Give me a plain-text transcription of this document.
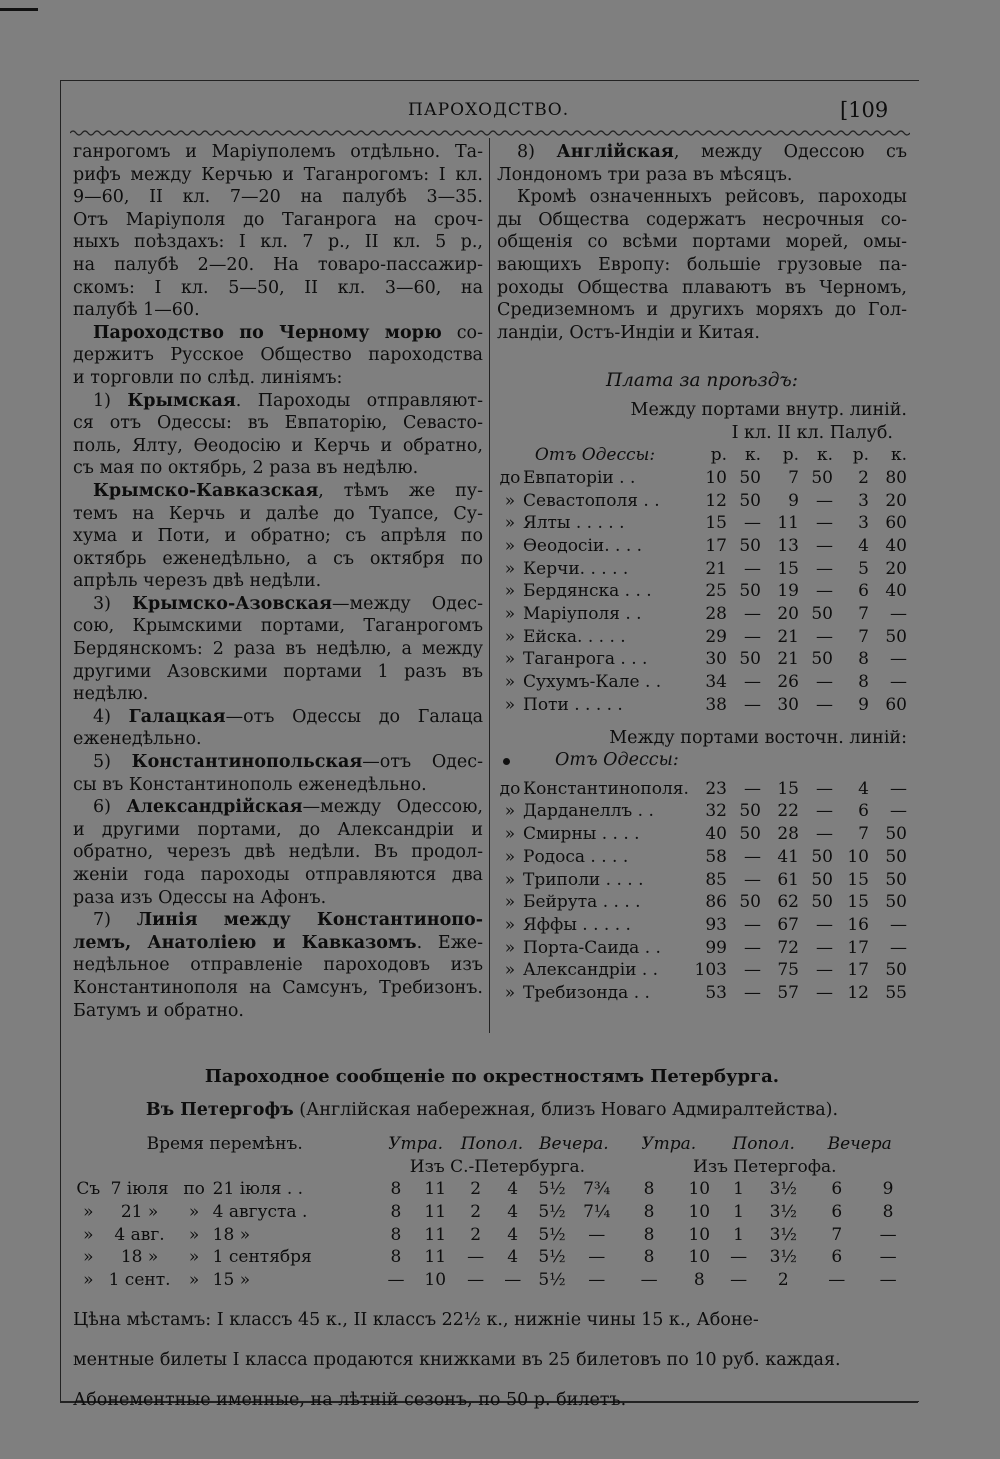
ПАРОХОДСТВО.	[109

ганрогомъ и Маріуполемъ отдѣльно. Та-

рифъ между Керчью и Таганрогомъ: I кл.

9—60, II кл. 7—20 на палубѣ 3—35.

Отъ Маріуполя до Таганрога на сроч-

ныхъ поѣздахъ: I кл. 7 р., II кл. 5 р.,

на палубѣ 2—20. На товаро-пассажир-

скомъ: I кл. 5—50, II кл. 3—60, на

палубѣ 1—60.

Пароходство по Черному морю со-

держитъ Русское Общество пароходства

и торговли по слѣд. линіямъ:

1) Крымская. Пароходы отправляют-

ся отъ Одессы: въ Евпаторію, Севасто-

поль, Ялту, Ѳеодосію и Керчь и обратно,

съ мая по октябрь, 2 раза въ недѣлю.

Крымско-Кавказская, тѣмъ же пу-

темъ на Керчь и далѣе до Туапсе, Су-

хума и Поти, и обратно; съ апрѣля по

октябрь еженедѣльно, а съ октября по

апрѣль черезъ двѣ недѣли.

3) Крымско-Азовская—между Одес-

сою, Крымскими портами, Таганрогомъ

Бердянскомъ: 2 раза въ недѣлю, а между

другими Азовскими портами 1 разъ въ

недѣлю.

4) Галацкая—отъ Одессы до Галаца

еженедѣльно.

5) Константинопольская—отъ Одес-

сы въ Константинополь еженедѣльно.

6) Александрійская—между Одессою,

и другими портами, до Александріи и

обратно, черезъ двѣ недѣли. Въ продол-

женіи года пароходы отправляются два

раза изъ Одессы на Афонъ.

7) Линія между Константинопо-

лемъ, Анатоліею и Кавказомъ. Еже-

недѣльное отправленіе пароходовъ изъ

Константинополя на Самсунъ, Требизонъ.

Батумъ и обратно.

8) Англійская, между Одессою съ

Лондономъ три раза въ мѣсяцъ.

Кромѣ означенныхъ рейсовъ, пароходы

ды Общества содержатъ несрочныя со-

общенія со всѣми портами морей, омы-

вающихъ Европу: большіе грузовые па-

роходы Общества плаваютъ въ Черномъ,

Средиземномъ и другихъ моряхъ до Гол-

ландіи, Остъ-Индіи и Китая.

Плата за проѣздъ:

Между портами внутр. линій.

I кл. II кл. Палуб.

Отъ Одессы:		р.	к.	р.	к.	р.	к.
до	Евпаторіи . .	10	50	7	50	2	80
»	Севастополя . .	12	50	9	—	3	20
»	Ялты . . . . .	15	—	11	—	3	60
»	Ѳеодосіи. . . .	17	50	13	—	4	40
»	Керчи. . . . .	21	—	15	—	5	20
»	Бердянска . . .	25	50	19	—	6	40
»	Маріуполя . .	28	—	20	50	7	—
»	Ейска. . . . .	29	—	21	—	7	50
»	Таганрога . . .	30	50	21	50	8	—
»	Сухумъ-Кале . .	34	—	26	—	8	—
»	Поти . . . . .	38	—	30	—	9	60

Между портами восточн. линій:

Отъ Одессы:

до	Константинополя.	23	—	15	—	4	—
»	Дарданеллъ . .	32	50	22	—	6	—
»	Смирны . . . .	40	50	28	—	7	50
»	Родоса . . . .	58	—	41	50	10	50
»	Триполи . . . .	85	—	61	50	15	50
»	Бейрута . . . .	86	50	62	50	15	50
»	Яффы . . . . .	93	—	67	—	16	—
»	Порта-Саида . .	99	—	72	—	17	—
»	Александріи . .	103	—	75	—	17	50
»	Требизонда . .	53	—	57	—	12	55
Пароходное сообщеніе по окрестностямъ Петербурга.

Въ Петергофъ (Англійская набережная, близъ Новаго Адмиралтейства).

Время перемѣнъ.				Утра.		Попол.		Вечера.		Утра.		Попол.		Вечера	
				Изъ С.-Петербурга.						Изъ Петергофа.					
Съ	7 іюля	по	21 іюля . .	8	11	2	4	5½	7¾	8	10	1	3½	6	9
»	21 »	»	4 августа .	8	11	2	4	5½	7¼	8	10	1	3½	6	8
»	4 авг.	»	18 »	8	11	2	4	5½	—	8	10	1	3½	7	—
»	18 »	»	1 сентября	8	11	—	4	5½	—	8	10	—	3½	6	—
»	1 сент.	»	15 »	—	10	—	—	5½	—	—	8	—	2	—	—

Цѣна мѣстамъ: I классъ 45 к., II классъ 22½ к., нижніе чины 15 к., Абоне-

ментные билеты I класса продаются книжками въ 25 билетовъ по 10 руб. каждая.

Абонементные именные, на лѣтній сезонъ, по 50 р. билетъ.
